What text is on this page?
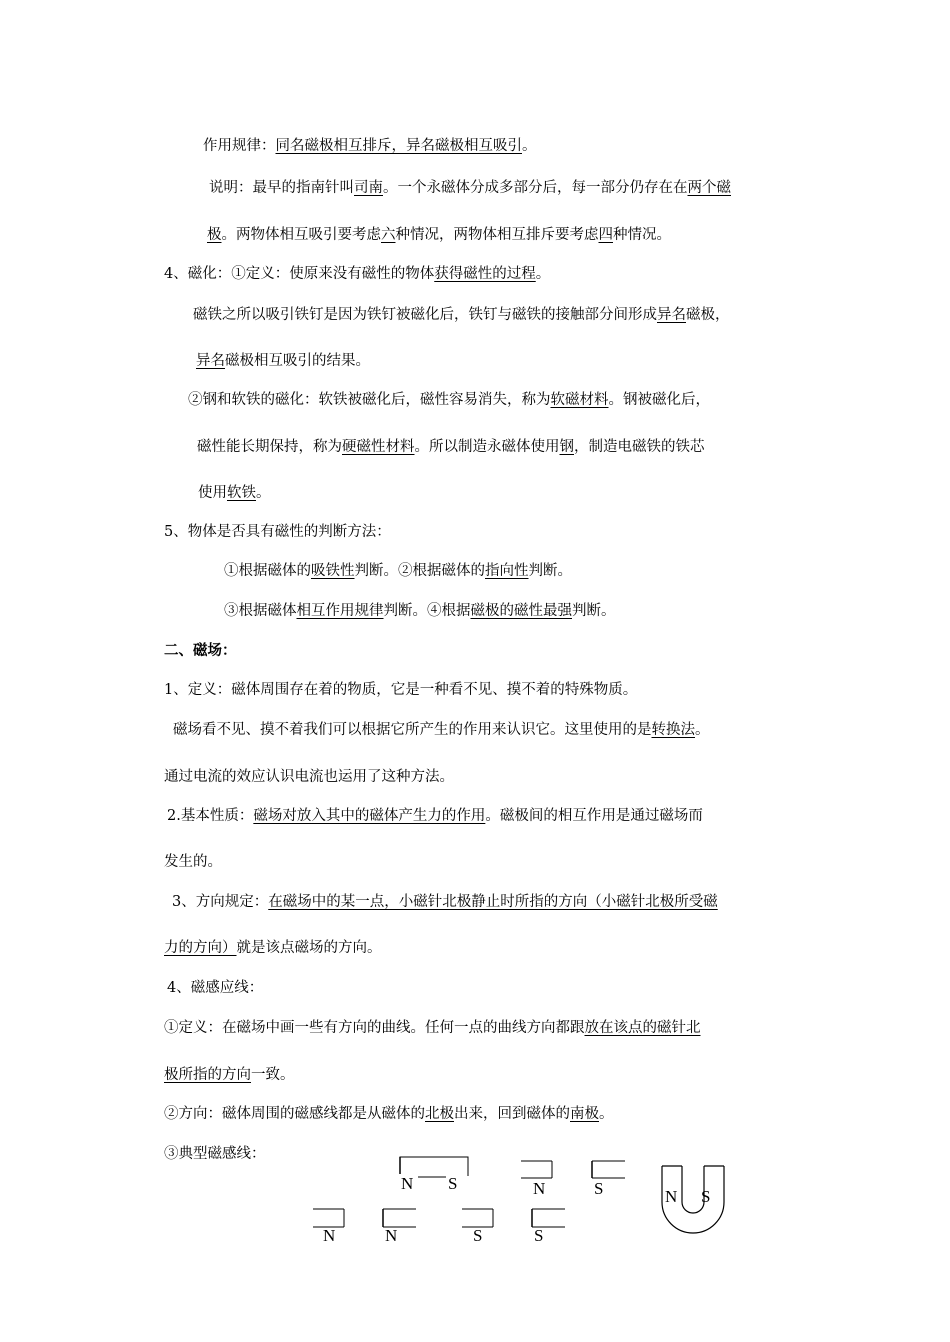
作用规律：同名磁极相互排斥，异名磁极相互吸引。
说明：最早的指南针叫司南。一个永磁体分成多部分后，每一部分仍存在在两个磁
极。两物体相互吸引要考虑六种情况，两物体相互排斥要考虑四种情况。
4、磁化：①定义：使原来没有磁性的物体获得磁性的过程。
磁铁之所以吸引铁钉是因为铁钉被磁化后，铁钉与磁铁的接触部分间形成异名磁极，
异名磁极相互吸引的结果。
②钢和软铁的磁化：软铁被磁化后，磁性容易消失，称为软磁材料。钢被磁化后，
磁性能长期保持，称为硬磁性材料。所以制造永磁体使用钢，制造电磁铁的铁芯
使用软铁。
5、物体是否具有磁性的判断方法：
①根据磁体的吸铁性判断。②根据磁体的指向性判断。
③根据磁体相互作用规律判断。④根据磁极的磁性最强判断。
二、磁场：
1、定义：磁体周围存在着的物质，它是一种看不见、摸不着的特殊物质。
磁场看不见、摸不着我们可以根据它所产生的作用来认识它。这里使用的是转换法。
通过电流的效应认识电流也运用了这种方法。
2.基本性质：磁场对放入其中的磁体产生力的作用。磁极间的相互作用是通过磁场而
发生的。
3、方向规定：在磁场中的某一点，小磁针北极静止时所指的方向（小磁针北极所受磁
力的方向）就是该点磁场的方向。
4、磁感应线：
①定义：在磁场中画一些有方向的曲线。任何一点的曲线方向都跟放在该点的磁针北
极所指的方向一致。
②方向：磁体周围的磁感线都是从磁体的北极出来，回到磁体的南极。
③典型磁感线：
N S	N	S	N S
N	N	S	S
